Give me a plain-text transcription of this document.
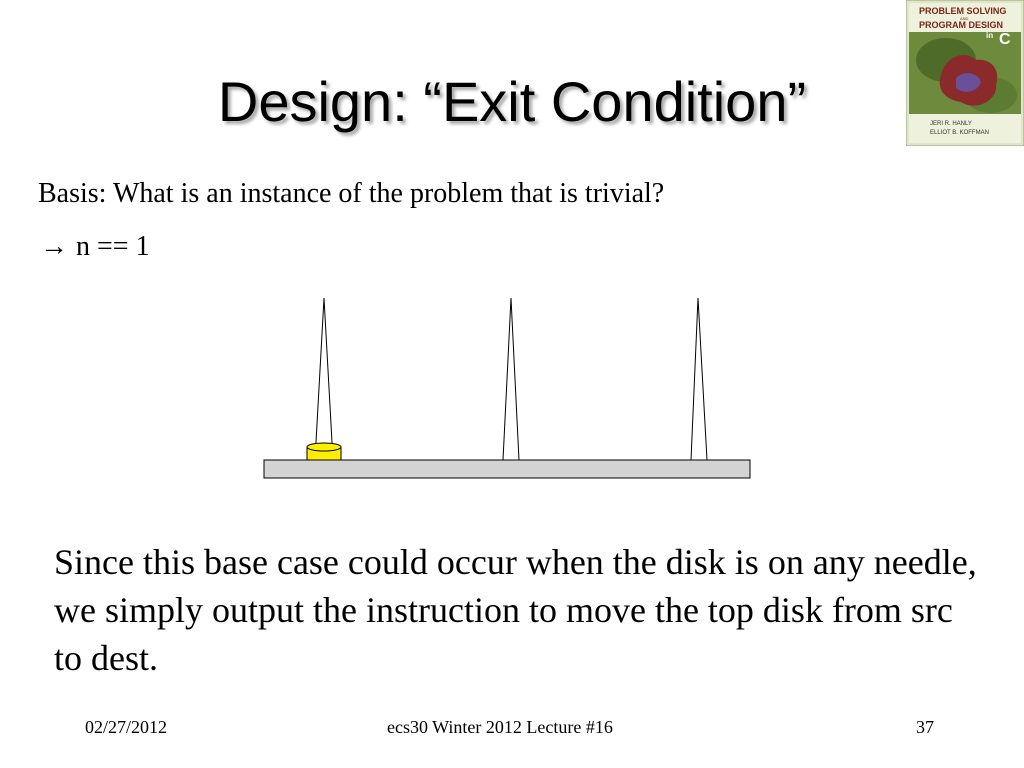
Design: “Exit Condition”
PROBLEM SOLVING
AND
PROGRAM DESIGN
in C
JERI R. HANLY
ELLIOT B. KOFFMAN
Basis: What is an instance of the problem that is trivial?
→ n == 1
Since this base case could occur when the disk is on any needle, we simply output the instruction to move the top disk from src to dest.
02/27/2012	ecs30 Winter 2012 Lecture #16	37
